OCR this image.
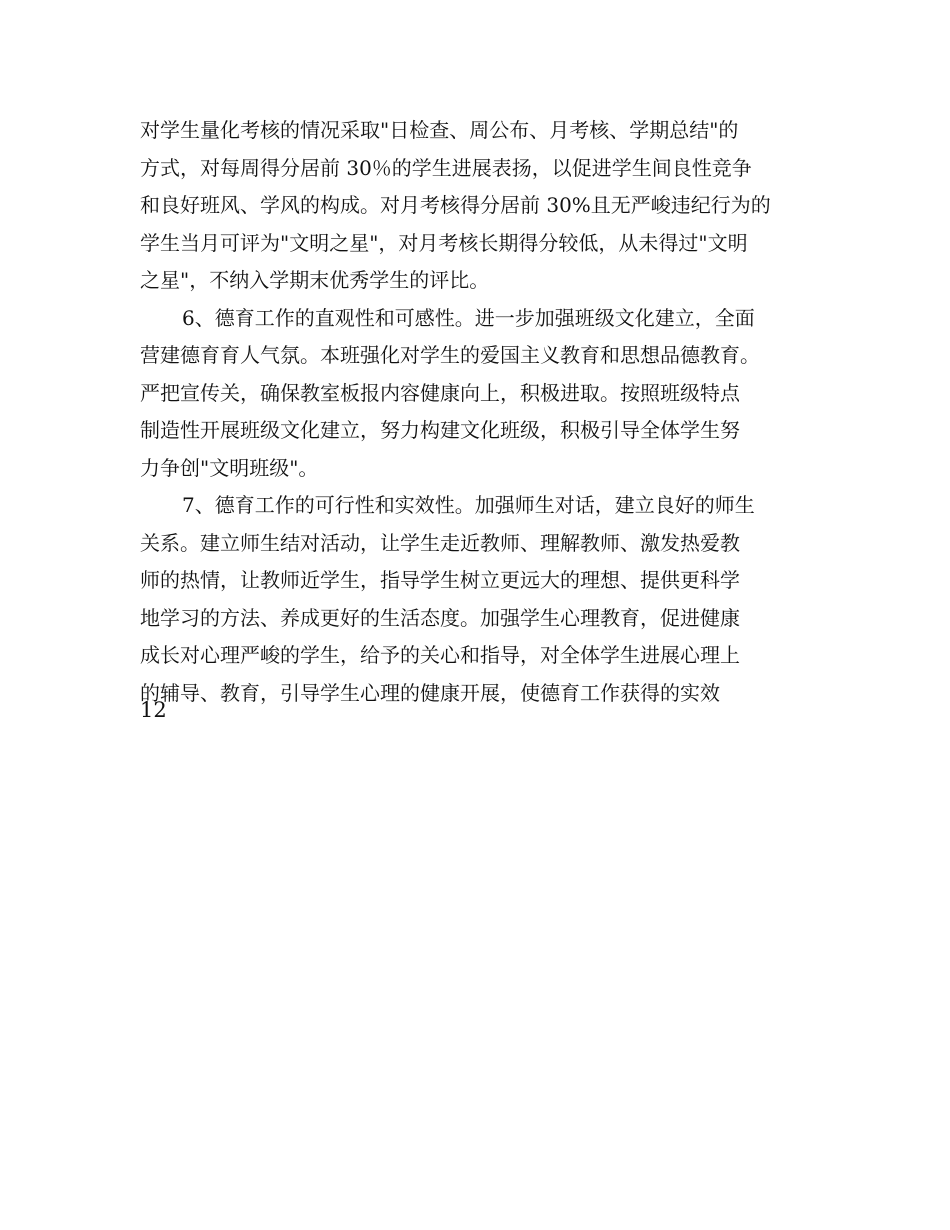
对学生量化考核的情况采取"日检查、周公布、月考核、学期总结"的
方式，对每周得分居前 30％的学生进展表扬，以促进学生间良性竞争
和良好班风、学风的构成。对月考核得分居前 30%且无严峻违纪行为的
学生当月可评为"文明之星"，对月考核长期得分较低，从未得过"文明
之星"，不纳入学期末优秀学生的评比。
6、德育工作的直观性和可感性。进一步加强班级文化建立，全面
营建德育育人气氛。本班强化对学生的爱国主义教育和思想品德教育。
严把宣传关，确保教室板报内容健康向上，积极进取。按照班级特点
制造性开展班级文化建立，努力构建文化班级，积极引导全体学生努
力争创"文明班级"。
7、德育工作的可行性和实效性。加强师生对话，建立良好的师生
关系。建立师生结对活动，让学生走近教师、理解教师、激发热爱教
师的热情，让教师近学生，指导学生树立更远大的理想、提供更科学
地学习的方法、养成更好的生活态度。加强学生心理教育，促进健康
成长对心理严峻的学生，给予的关心和指导，对全体学生进展心理上
的辅导、教育，引导学生心理的健康开展，使德育工作获得的实效
12
